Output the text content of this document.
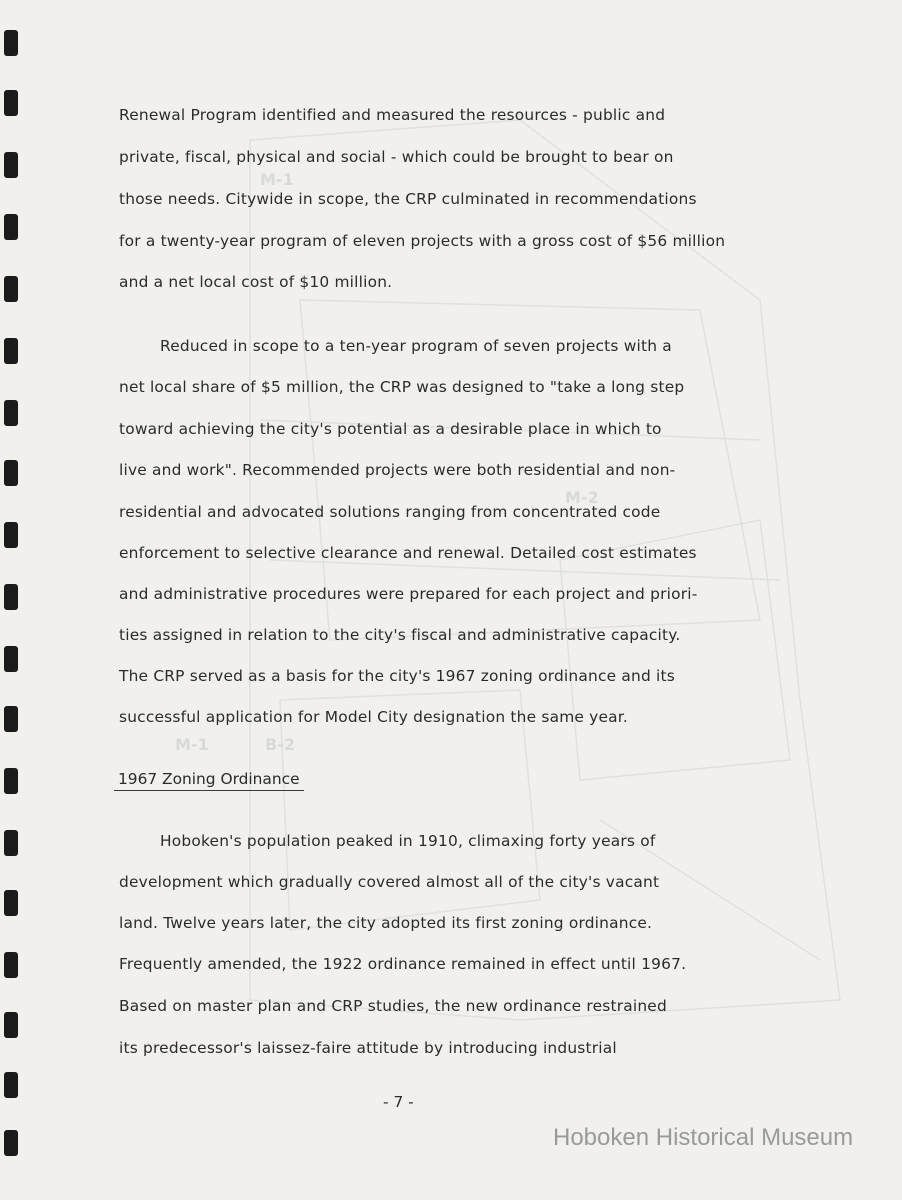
M-1
M-2
M-1	B-2
Renewal Program identified and measured the resources - public and
private, fiscal, physical and social - which could be brought to bear on
those needs. Citywide in scope, the CRP culminated in recommendations
for a twenty-year program of eleven projects with a gross cost of $56 million
and a net local cost of $10 million.
Reduced in scope to a ten-year program of seven projects with a
net local share of $5 million, the CRP was designed to "take a long step
toward achieving the city's potential as a desirable place in which to
live and work". Recommended projects were both residential and non-
residential and advocated solutions ranging from concentrated code
enforcement to selective clearance and renewal. Detailed cost estimates
and administrative procedures were prepared for each project and priori-
ties assigned in relation to the city's fiscal and administrative capacity.
The CRP served as a basis for the city's 1967 zoning ordinance and its
successful application for Model City designation the same year.
Hoboken's population peaked in 1910, climaxing forty years of
development which gradually covered almost all of the city's vacant
land. Twelve years later, the city adopted its first zoning ordinance.
Frequently amended, the 1922 ordinance remained in effect until 1967.
Based on master plan and CRP studies, the new ordinance restrained
its predecessor's laissez-faire attitude by introducing industrial
1967 Zoning Ordinance
- 7 -
Hoboken Historical Museum
